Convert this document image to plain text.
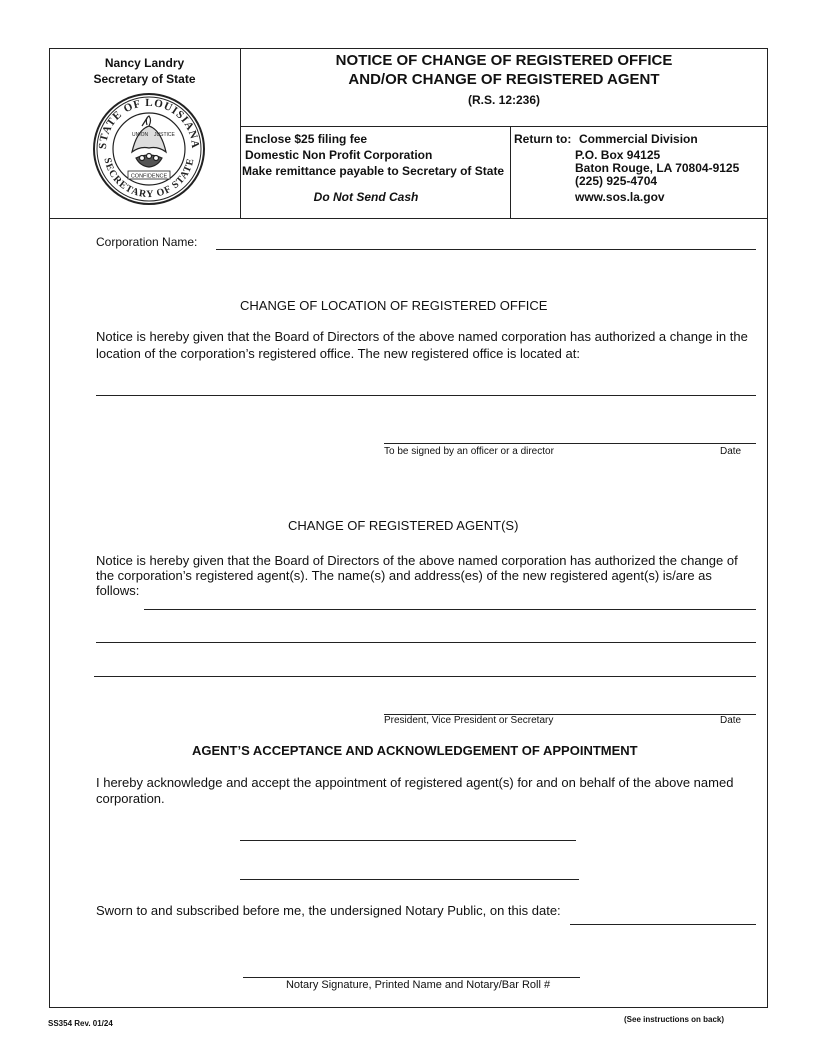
Nancy Landry
Secretary of State
STATE OF LOUISIANA
SECRETARY OF STATE
UNION JUSTICE
CONFIDENCE
NOTICE OF CHANGE OF REGISTERED OFFICE
AND/OR CHANGE OF REGISTERED AGENT
(R.S. 12:236)
Enclose $25 filing fee
Domestic Non Profit Corporation
Make remittance payable to Secretary of State
Do Not Send Cash
Return to: Commercial Division
P.O. Box 94125
Baton Rouge, LA 70804-9125
(225) 925-4704
www.sos.la.gov
Corporation Name:
CHANGE OF LOCATION OF REGISTERED OFFICE
Notice is hereby given that the Board of Directors of the above named corporation has authorized a change in the
location of the corporation’s registered office. The new registered office is located at:
To be signed by an officer or a director	Date
CHANGE OF REGISTERED AGENT(S)
Notice is hereby given that the Board of Directors of the above named corporation has authorized the change of
the corporation’s registered agent(s). The name(s) and address(es) of the new registered agent(s) is/are as
follows:
President, Vice President or Secretary	Date
AGENT’S ACCEPTANCE AND ACKNOWLEDGEMENT OF APPOINTMENT
I hereby acknowledge and accept the appointment of registered agent(s) for and on behalf of the above named
corporation.
Sworn to and subscribed before me, the undersigned Notary Public, on this date:
Notary Signature, Printed Name and Notary/Bar Roll #
SS354 Rev. 01/24	(See instructions on back)
